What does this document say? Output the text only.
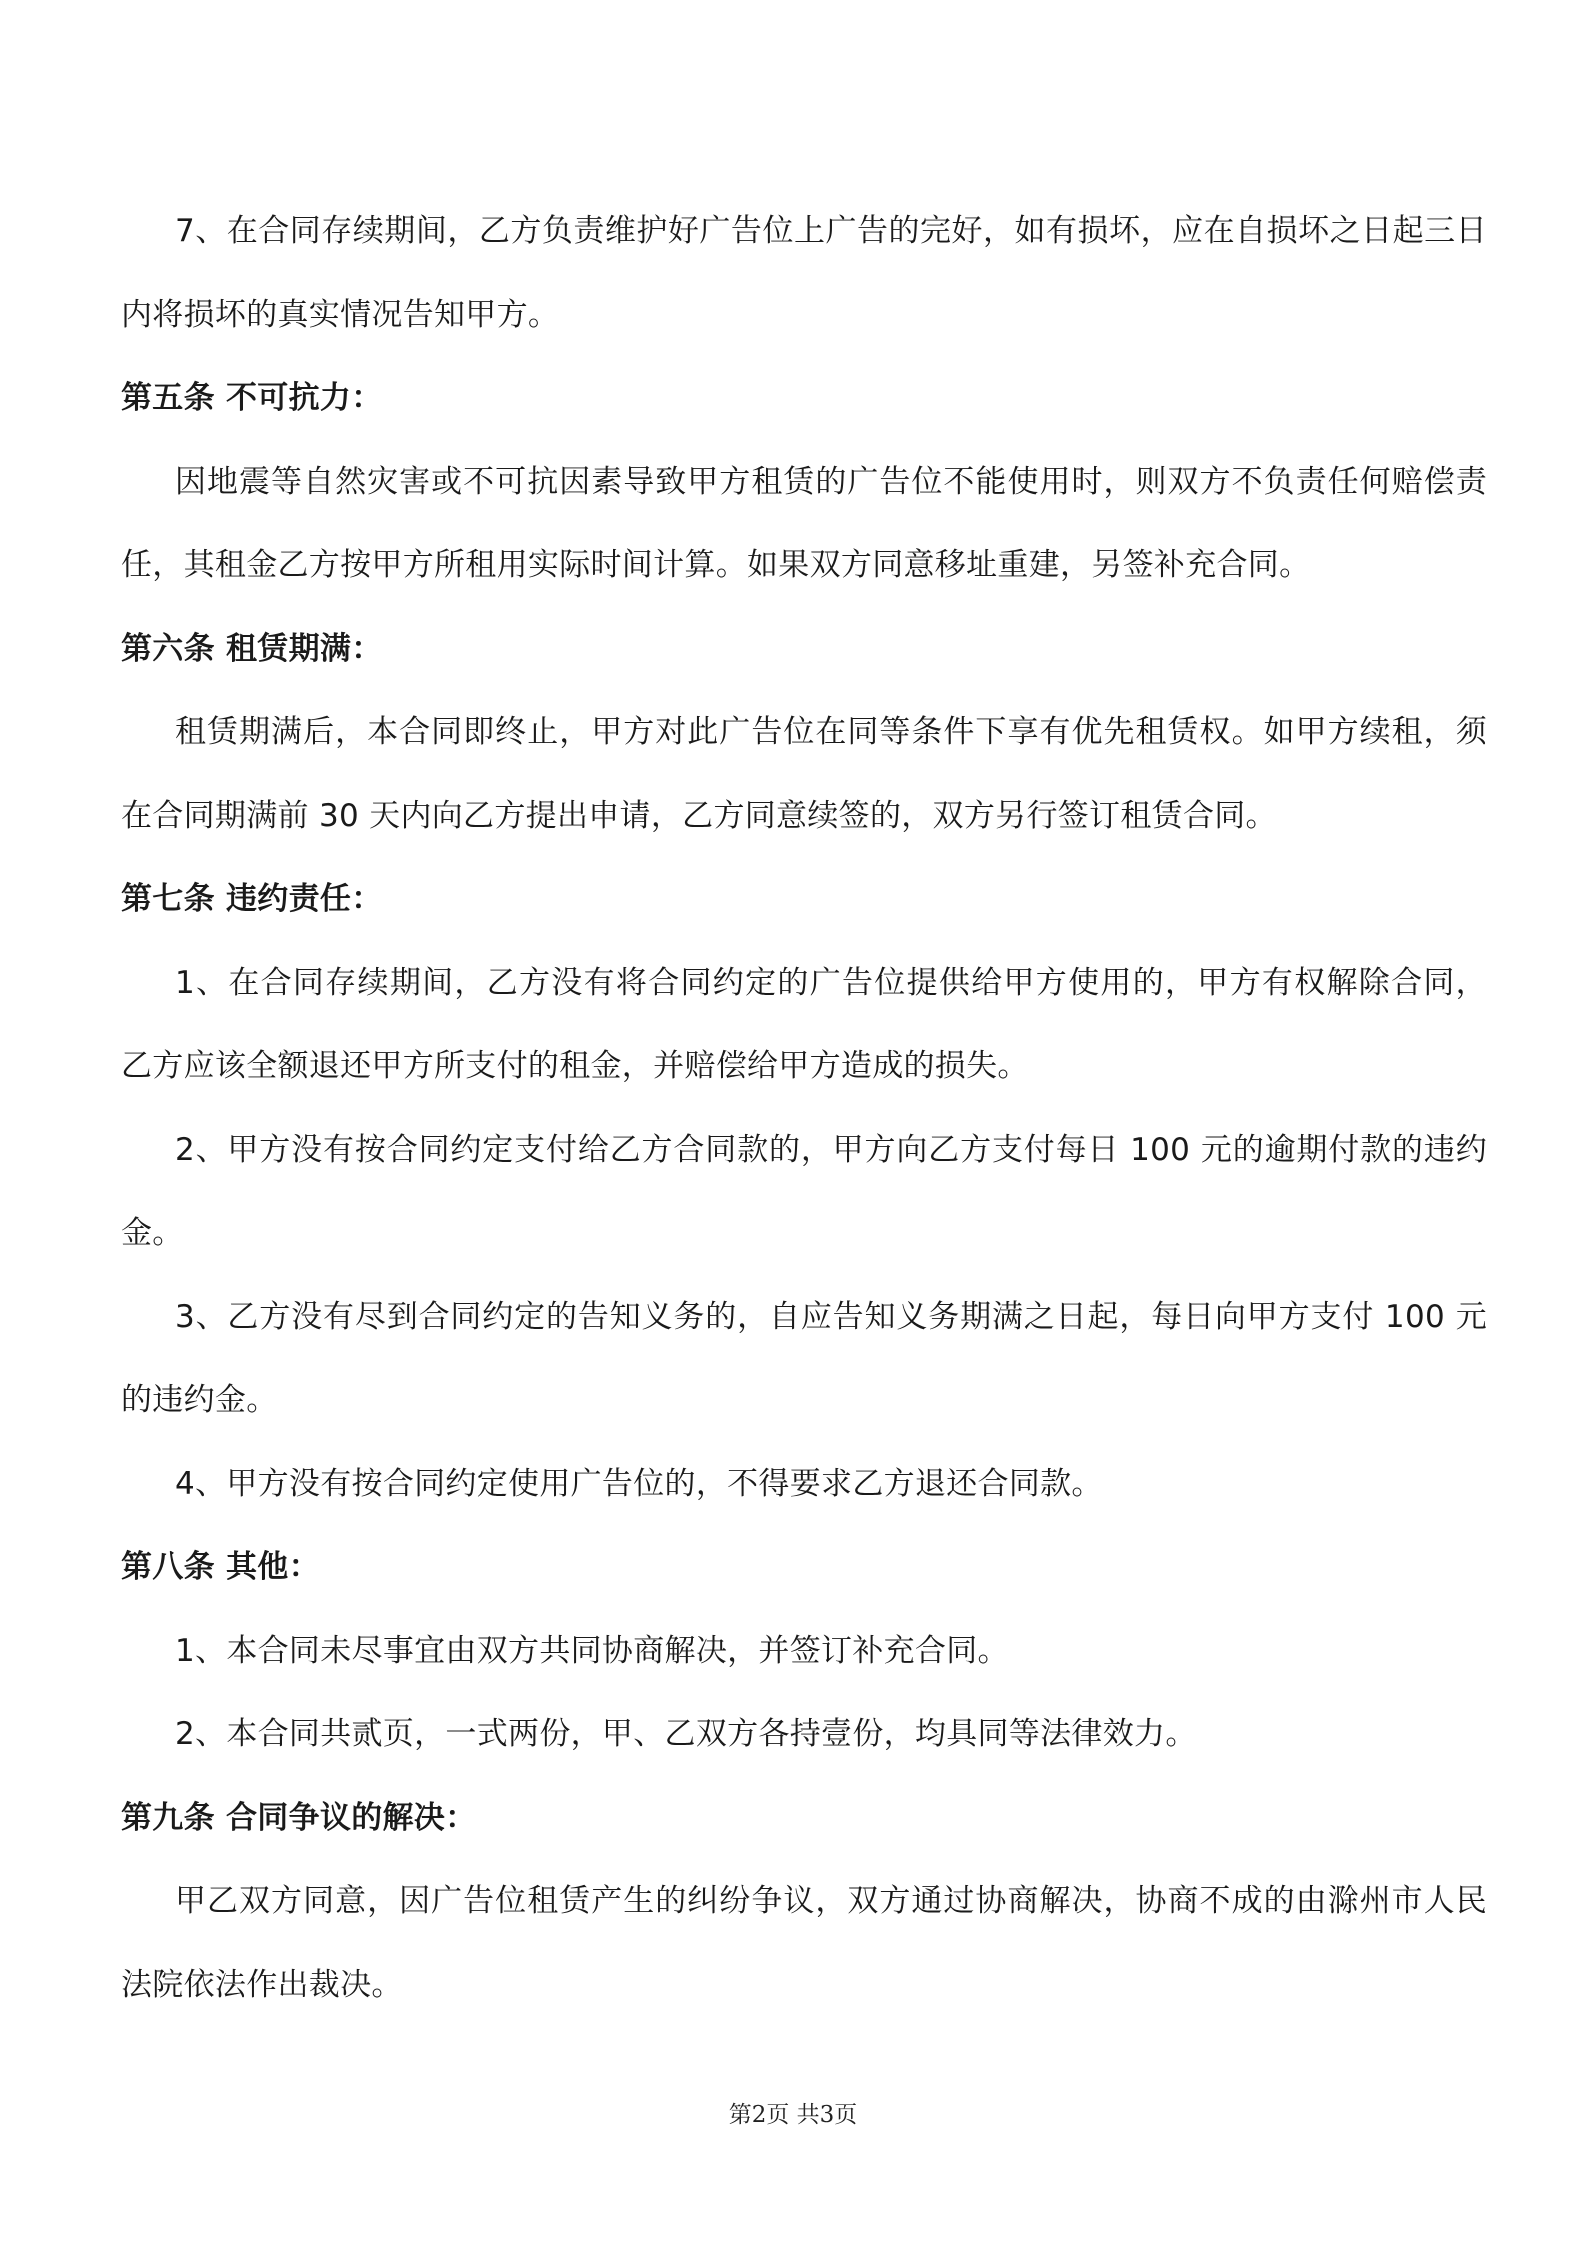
7、在合同存续期间，乙方负责维护好广告位上广告的完好，如有损坏，应在自损坏之日起三日
内将损坏的真实情况告知甲方。
第五条 不可抗力：
因地震等自然灾害或不可抗因素导致甲方租赁的广告位不能使用时，则双方不负责任何赔偿责
任，其租金乙方按甲方所租用实际时间计算。如果双方同意移址重建，另签补充合同。
第六条 租赁期满：
租赁期满后，本合同即终止，甲方对此广告位在同等条件下享有优先租赁权。如甲方续租，须
在合同期满前 30 天内向乙方提出申请，乙方同意续签的，双方另行签订租赁合同。
第七条 违约责任：
1、在合同存续期间，乙方没有将合同约定的广告位提供给甲方使用的，甲方有权解除合同，
乙方应该全额退还甲方所支付的租金，并赔偿给甲方造成的损失。
2、甲方没有按合同约定支付给乙方合同款的，甲方向乙方支付每日 100 元的逾期付款的违约
金。
3、乙方没有尽到合同约定的告知义务的，自应告知义务期满之日起，每日向甲方支付 100 元
的违约金。
4、甲方没有按合同约定使用广告位的，不得要求乙方退还合同款。
第八条 其他：
1、本合同未尽事宜由双方共同协商解决，并签订补充合同。
2、本合同共贰页，一式两份，甲、乙双方各持壹份，均具同等法律效力。
第九条 合同争议的解决：
甲乙双方同意，因广告位租赁产生的纠纷争议，双方通过协商解决，协商不成的由滁州市人民
法院依法作出裁决。
第2页 共3页
